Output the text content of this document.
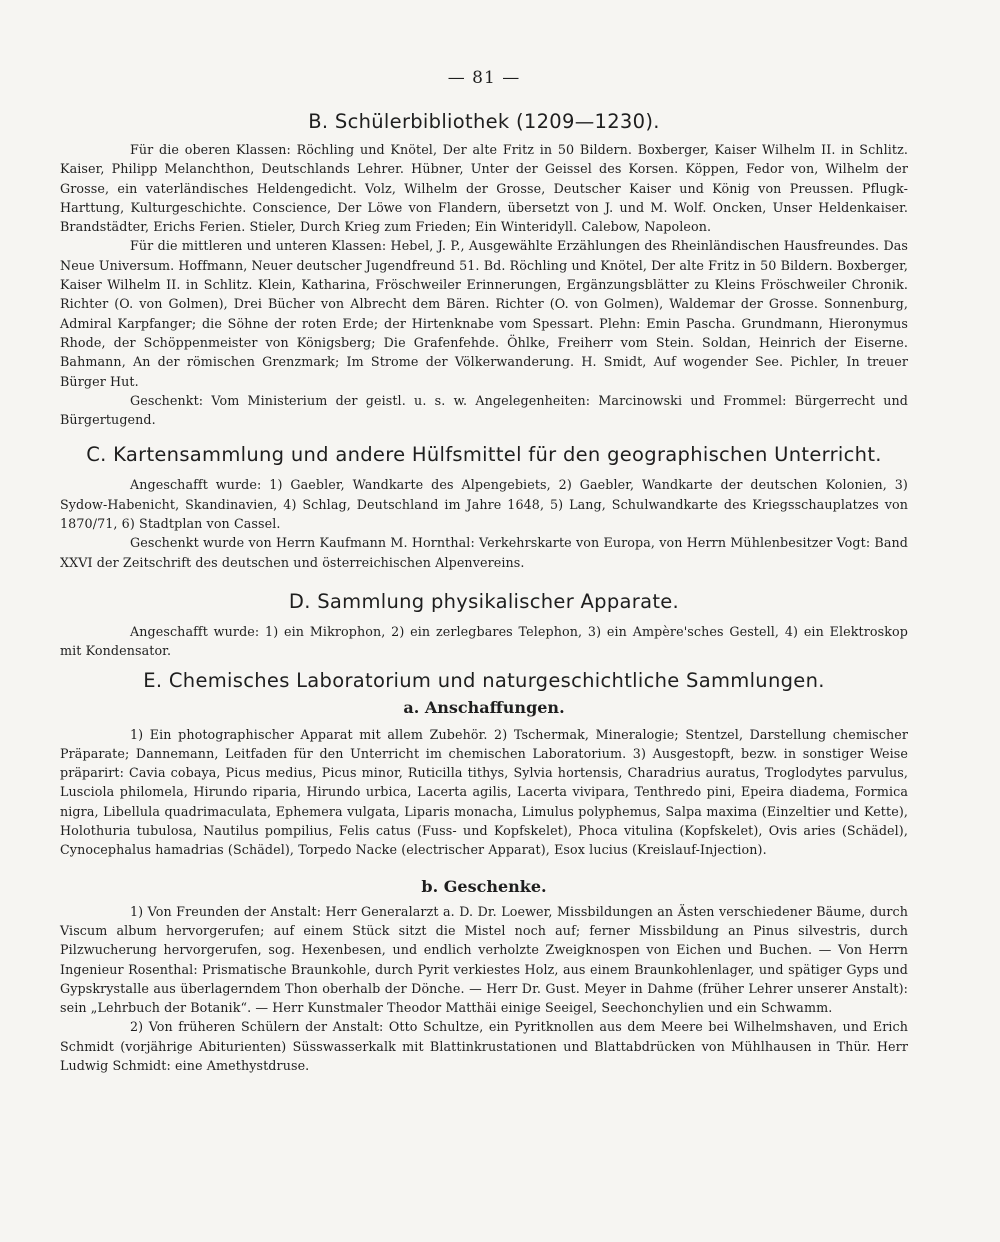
— 81 —
B. Schülerbibliothek (1209—1230).

Für die oberen Klassen: Röchling und Knötel, Der alte Fritz in 50 Bildern. Boxberger, Kaiser Wilhelm II. in Schlitz. Kaiser, Philipp Melanchthon, Deutschlands Lehrer. Hübner, Unter der Geissel des Korsen. Köppen, Fedor von, Wilhelm der Grosse, ein vaterländisches Heldengedicht. Volz, Wilhelm der Grosse, Deutscher Kaiser und König von Preussen. Pflugk-Harttung, Kulturgeschichte. Conscience, Der Löwe von Flandern, übersetzt von J. und M. Wolf. Oncken, Unser Heldenkaiser. Brandstädter, Erichs Ferien. Stieler, Durch Krieg zum Frieden; Ein Winteridyll. Calebow, Napoleon.

Für die mittleren und unteren Klassen: Hebel, J. P., Ausgewählte Erzählungen des Rheinländischen Hausfreundes. Das Neue Universum. Hoffmann, Neuer deutscher Jugendfreund 51. Bd. Röchling und Knötel, Der alte Fritz in 50 Bildern. Boxberger, Kaiser Wilhelm II. in Schlitz. Klein, Katharina, Fröschweiler Erinnerungen, Ergänzungsblätter zu Kleins Fröschweiler Chronik. Richter (O. von Golmen), Drei Bücher von Albrecht dem Bären. Richter (O. von Golmen), Waldemar der Grosse. Sonnenburg, Admiral Karpfanger; die Söhne der roten Erde; der Hirtenknabe vom Spessart. Plehn: Emin Pascha. Grundmann, Hieronymus Rhode, der Schöppenmeister von Königsberg; Die Grafenfehde. Öhlke, Freiherr vom Stein. Soldan, Heinrich der Eiserne. Bahmann, An der römischen Grenzmark; Im Strome der Völkerwanderung. H. Smidt, Auf wogender See. Pichler, In treuer Bürger Hut.

Geschenkt: Vom Ministerium der geistl. u. s. w. Angelegenheiten: Marcinowski und Frommel: Bürgerrecht und Bürgertugend.

C. Kartensammlung und andere Hülfsmittel für den geographischen Unterricht.

Angeschafft wurde: 1) Gaebler, Wandkarte des Alpengebiets, 2) Gaebler, Wandkarte der deutschen Kolonien, 3) Sydow-Habenicht, Skandinavien, 4) Schlag, Deutschland im Jahre 1648, 5) Lang, Schulwandkarte des Kriegsschauplatzes von 1870/71, 6) Stadtplan von Cassel.

Geschenkt wurde von Herrn Kaufmann M. Hornthal: Verkehrskarte von Europa, von Herrn Mühlenbesitzer Vogt: Band XXVI der Zeitschrift des deutschen und österreichischen Alpenvereins.

D. Sammlung physikalischer Apparate.

Angeschafft wurde: 1) ein Mikrophon, 2) ein zerlegbares Telephon, 3) ein Ampère'sches Gestell, 4) ein Elektroskop mit Kondensator.

E. Chemisches Laboratorium und naturgeschichtliche Sammlungen.
a. Anschaffungen.

1) Ein photographischer Apparat mit allem Zubehör. 2) Tschermak, Mineralogie; Stentzel, Darstellung chemischer Präparate; Dannemann, Leitfaden für den Unterricht im chemischen Laboratorium. 3) Ausgestopft, bezw. in sonstiger Weise präparirt: Cavia cobaya, Picus medius, Picus minor, Ruticilla tithys, Sylvia hortensis, Charadrius auratus, Troglodytes parvulus, Lusciola philomela, Hirundo riparia, Hirundo urbica, Lacerta agilis, Lacerta vivipara, Tenthredo pini, Epeira diadema, Formica nigra, Libellula quadrimaculata, Ephemera vulgata, Liparis monacha, Limulus polyphemus, Salpa maxima (Einzeltier und Kette), Holothuria tubulosa, Nautilus pompilius, Felis catus (Fuss- und Kopfskelet), Phoca vitulina (Kopfskelet), Ovis aries (Schädel), Cynocephalus hamadrias (Schädel), Torpedo Nacke (electrischer Apparat), Esox lucius (Kreislauf-Injection).

b. Geschenke.

1) Von Freunden der Anstalt: Herr Generalarzt a. D. Dr. Loewer, Missbildungen an Ästen verschiedener Bäume, durch Viscum album hervorgerufen; auf einem Stück sitzt die Mistel noch auf; ferner Missbildung an Pinus silvestris, durch Pilzwucherung hervorgerufen, sog. Hexenbesen, und endlich verholzte Zweigknospen von Eichen und Buchen. — Von Herrn Ingenieur Rosenthal: Prismatische Braunkohle, durch Pyrit verkiestes Holz, aus einem Braunkohlenlager, und spätiger Gyps und Gypskrystalle aus überlagerndem Thon oberhalb der Dönche. — Herr Dr. Gust. Meyer in Dahme (früher Lehrer unserer Anstalt): sein „Lehrbuch der Botanik“. — Herr Kunstmaler Theodor Matthäi einige Seeigel, Seechonchylien und ein Schwamm.

2) Von früheren Schülern der Anstalt: Otto Schultze, ein Pyritknollen aus dem Meere bei Wilhelmshaven, und Erich Schmidt (vorjährige Abiturienten) Süsswasserkalk mit Blattinkrustationen und Blattabdrücken von Mühlhausen in Thür. Herr Ludwig Schmidt: eine Amethystdruse.
